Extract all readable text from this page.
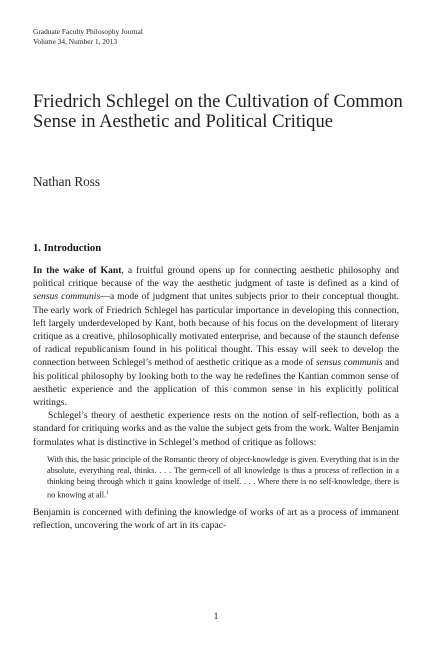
Graduate Faculty Philosophy Journal
Volume 34, Number 1, 2013
Friedrich Schlegel on the Cultivation of Common Sense in Aesthetic and Political Critique
Nathan Ross
1. Introduction

In the wake of Kant, a fruitful ground opens up for connecting aesthetic philosophy and political critique because of the way the aesthetic judgment of taste is defined as a kind of sensus communis—a mode of judgment that unites subjects prior to their conceptual thought. The early work of Friedrich Schlegel has particular importance in developing this connection, left largely underdeveloped by Kant, both because of his focus on the development of literary critique as a creative, philosophically motivated enterprise, and because of the staunch defense of radical republicanism found in his political thought. This essay will seek to develop the connection between Schlegel’s method of aesthetic critique as a mode of sensus communis and his political philosophy by looking both to the way he redefines the Kantian common sense of aesthetic experience and the application of this common sense in his explicitly political writings.

Schlegel’s theory of aesthetic experience rests on the notion of self-reflection, both as a standard for critiquing works and as the value the subject gets from the work. Walter Benjamin formulates what is distinctive in Schlegel’s method of critique as follows:

With this, the basic principle of the Romantic theory of object-knowledge is given. Everything that is in the absolute, everything real, thinks. . . . The germ-cell of all knowledge is thus a process of reflection in a thinking being through which it gains knowledge of itself. . . . Where there is no self-knowledge, there is no knowing at all.$^1$

Benjamin is concerned with defining the knowledge of works of art as a process of immanent reflection, uncovering the work of art in its capac-

1
